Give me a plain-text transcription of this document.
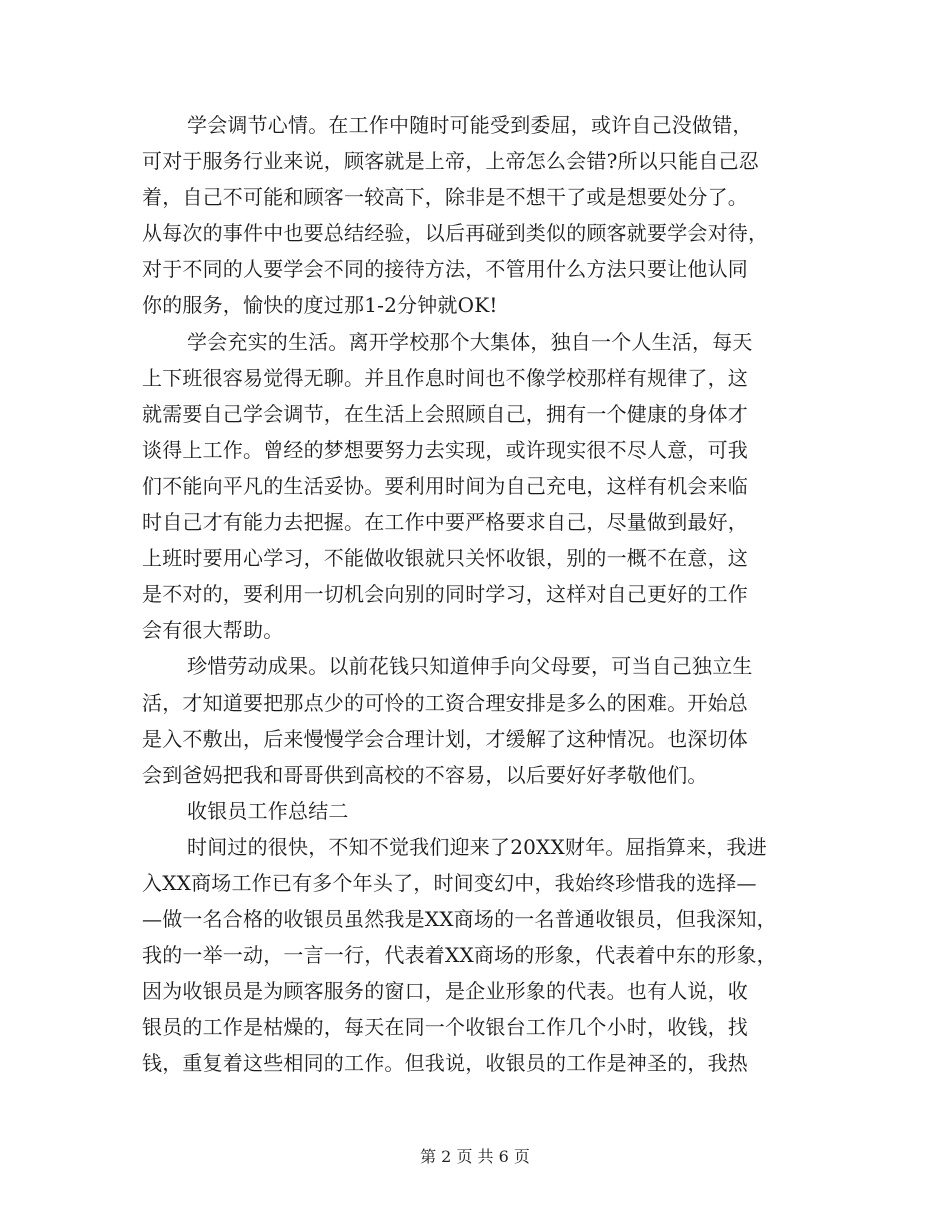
学会调节心情。在工作中随时可能受到委屈，或许自己没做错，
可对于服务行业来说，顾客就是上帝，上帝怎么会错?所以只能自己忍
着，自己不可能和顾客一较高下，除非是不想干了或是想要处分了。
从每次的事件中也要总结经验，以后再碰到类似的顾客就要学会对待，
对于不同的人要学会不同的接待方法，不管用什么方法只要让他认同
你的服务，愉快的度过那1-2分钟就OK!
学会充实的生活。离开学校那个大集体，独自一个人生活，每天
上下班很容易觉得无聊。并且作息时间也不像学校那样有规律了，这
就需要自己学会调节，在生活上会照顾自己，拥有一个健康的身体才
谈得上工作。曾经的梦想要努力去实现，或许现实很不尽人意，可我
们不能向平凡的生活妥协。要利用时间为自己充电，这样有机会来临
时自己才有能力去把握。在工作中要严格要求自己，尽量做到最好，
上班时要用心学习，不能做收银就只关怀收银，别的一概不在意，这
是不对的，要利用一切机会向别的同时学习，这样对自己更好的工作
会有很大帮助。
珍惜劳动成果。以前花钱只知道伸手向父母要，可当自己独立生
活，才知道要把那点少的可怜的工资合理安排是多么的困难。开始总
是入不敷出，后来慢慢学会合理计划，才缓解了这种情况。也深切体
会到爸妈把我和哥哥供到高校的不容易，以后要好好孝敬他们。
收银员工作总结二
时间过的很快，不知不觉我们迎来了20XX财年。屈指算来，我进
入XX商场工作已有多个年头了，时间变幻中，我始终珍惜我的选择—
—做一名合格的收银员虽然我是XX商场的一名普通收银员，但我深知，
我的一举一动，一言一行，代表着XX商场的形象，代表着中东的形象，
因为收银员是为顾客服务的窗口，是企业形象的代表。也有人说，收
银员的工作是枯燥的，每天在同一个收银台工作几个小时，收钱，找
钱，重复着这些相同的工作。但我说，收银员的工作是神圣的，我热
第 2 页 共 6 页
